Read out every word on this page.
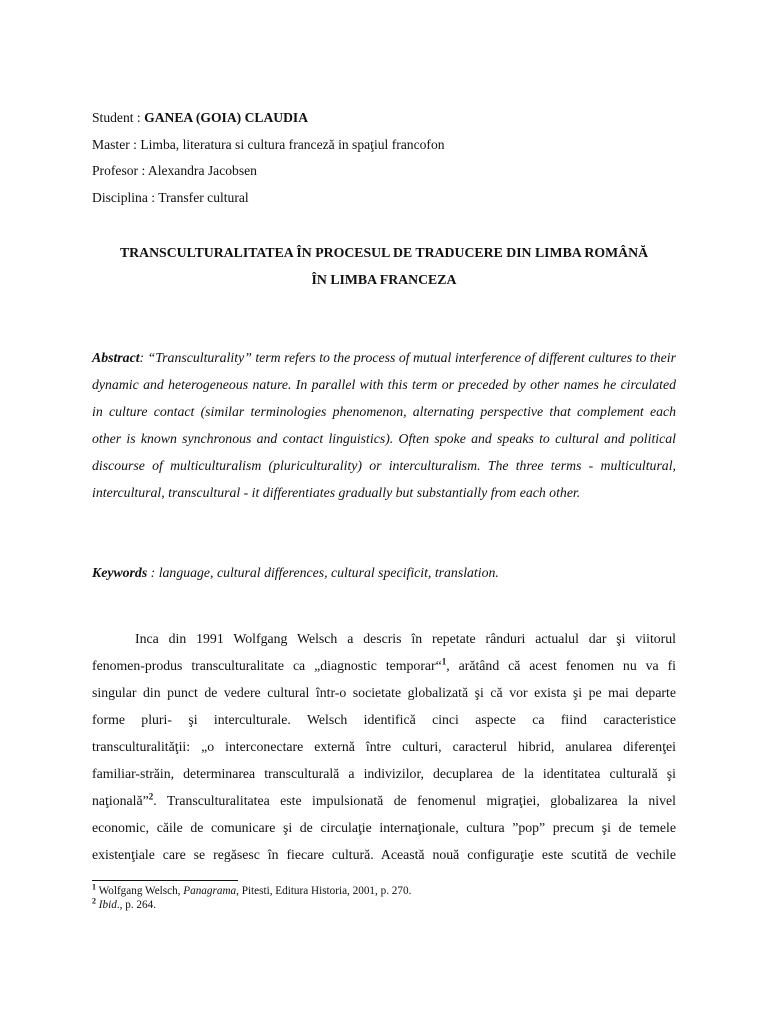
Student : GANEA (GOIA) CLAUDIA
Master : Limba, literatura si cultura franceză in spaţiul francofon
Profesor : Alexandra Jacobsen
Disciplina : Transfer cultural
TRANSCULTURALITATEA ÎN PROCESUL DE TRADUCERE DIN LIMBA ROMÂNĂ
ÎN LIMBA FRANCEZA
Abstract: “Transculturality” term refers to the process of mutual interference of different cultures to their dynamic and heterogeneous nature. In parallel with this term or preceded by other names he circulated in culture contact (similar terminologies phenomenon, alternating perspective that complement each other is known synchronous and contact linguistics). Often spoke and speaks to cultural and political discourse of multiculturalism (pluriculturality) or interculturalism. The three terms - multicultural, intercultural, transcultural - it differentiates gradually but substantially from each other.
Keywords : language, cultural differences, cultural specificit, translation.
Inca din 1991 Wolfgang Welsch a descris în repetate rânduri actualul dar şi viitorul
fenomen-produs transculturalitate ca „diagnostic temporar“$^1$, arătând că acest fenomen nu va fi
singular din punct de vedere cultural într-o societate globalizată şi că vor exista şi pe mai departe
forme pluri- şi interculturale. Welsch identifică cinci aspecte ca fiind caracteristice
transculturalităţii: „o interconectare externă între culturi, caracterul hibrid, anularea diferenţei
familiar-străin, determinarea transculturală a indivizilor, decuplarea de la identitatea culturală şi
naţională”$^2$. Transculturalitatea este impulsionată de fenomenul migraţiei, globalizarea la nivel
economic, căile de comunicare şi de circulaţie internaţionale, cultura ”pop” precum şi de temele
existenţiale care se regăsesc în fiecare cultură. Această nouă configuraţie este scutită de vechile
$^1$ Wolfgang Welsch, Panagrama, Pitesti, Editura Historia, 2001, p. 270.
$^2$ Ibid., p. 264.
